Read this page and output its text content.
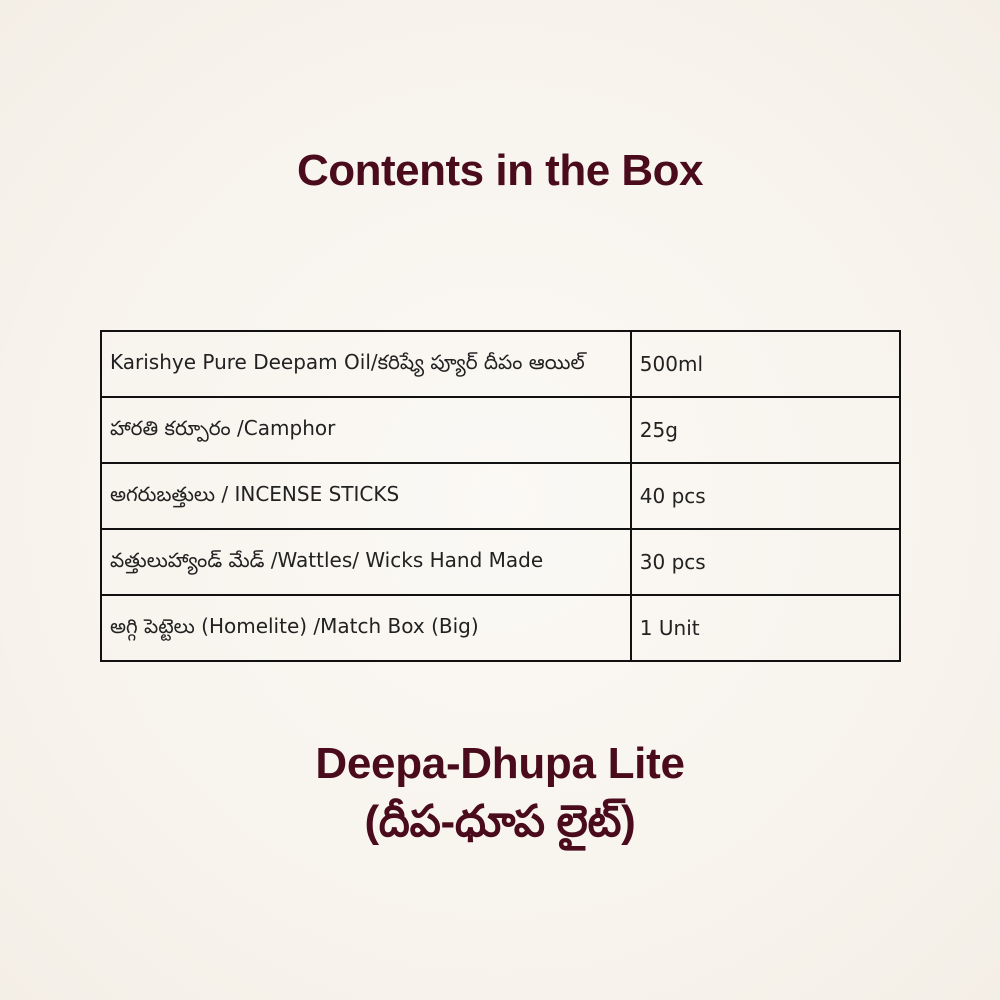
Contents in the Box
Karishye Pure Deepam Oil/కరిష్యే ప్యూర్ దీపం ఆయిల్	500ml
హారతి కర్పూరం /Camphor	25g
అగరుబత్తులు / INCENSE STICKS	40 pcs
వత్తులుహ్యాండ్ మేడ్ /Wattles/ Wicks Hand Made	30 pcs
అగ్గి పెట్టెలు (Homelite) /Match Box (Big)	1 Unit
Deepa-Dhupa Lite
(దీప-ధూప లైట్)
